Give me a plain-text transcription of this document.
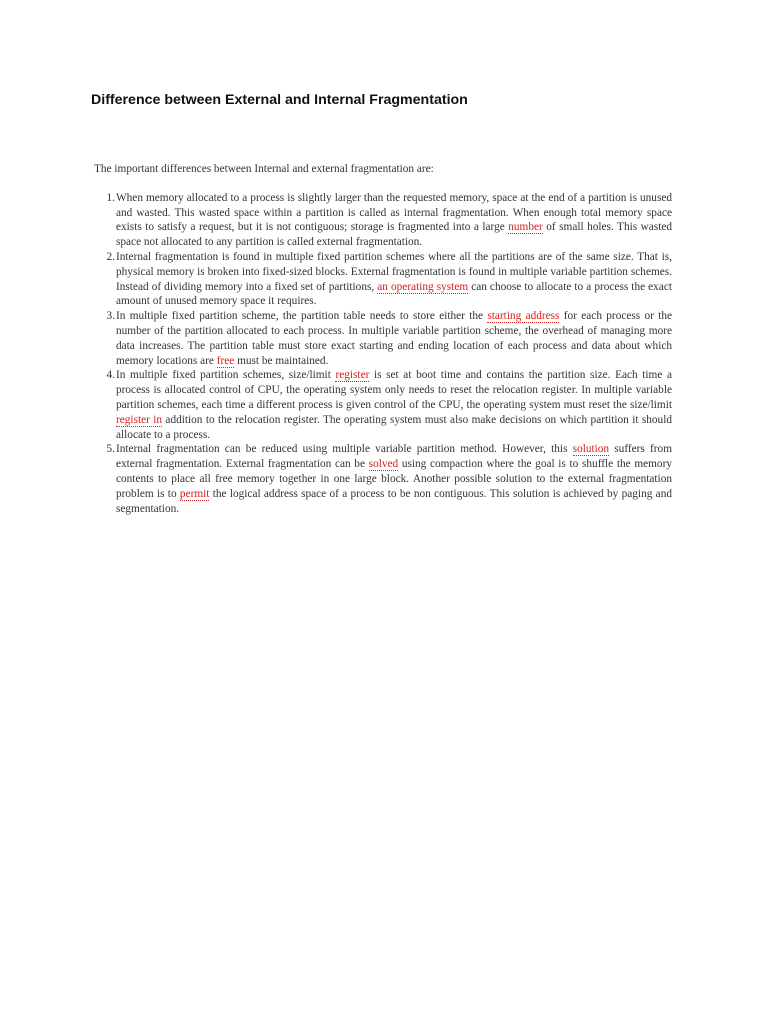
Difference between External and Internal Fragmentation

The important differences between Internal and external fragmentation are:

1. When memory allocated to a process is slightly larger than the requested memory, space at the end of a partition is unused and wasted. This wasted space within a partition is called as internal fragmentation. When enough total memory space exists to satisfy a request, but it is not contiguous; storage is fragmented into a large number of small holes. This wasted space not allocated to any partition is called external fragmentation.
2. Internal fragmentation is found in multiple fixed partition schemes where all the partitions are of the same size. That is, physical memory is broken into fixed-sized blocks. External fragmentation is found in multiple variable partition schemes. Instead of dividing memory into a fixed set of partitions, an operating system can choose to allocate to a process the exact amount of unused memory space it requires.
3. In multiple fixed partition scheme, the partition table needs to store either the starting address for each process or the number of the partition allocated to each process. In multiple variable partition scheme, the overhead of managing more data increases. The partition table must store exact starting and ending location of each process and data about which memory locations are free must be maintained.
4. In multiple fixed partition schemes, size/limit register is set at boot time and contains the partition size. Each time a process is allocated control of CPU, the operating system only needs to reset the relocation register. In multiple variable partition schemes, each time a different process is given control of the CPU, the operating system must reset the size/limit register in addition to the relocation register. The operating system must also make decisions on which partition it should allocate to a process.
5. Internal fragmentation can be reduced using multiple variable partition method. However, this solution suffers from external fragmentation. External fragmentation can be solved using compaction where the goal is to shuffle the memory contents to place all free memory together in one large block. Another possible solution to the external fragmentation problem is to permit the logical address space of a process to be non contiguous. This solution is achieved by paging and segmentation.
